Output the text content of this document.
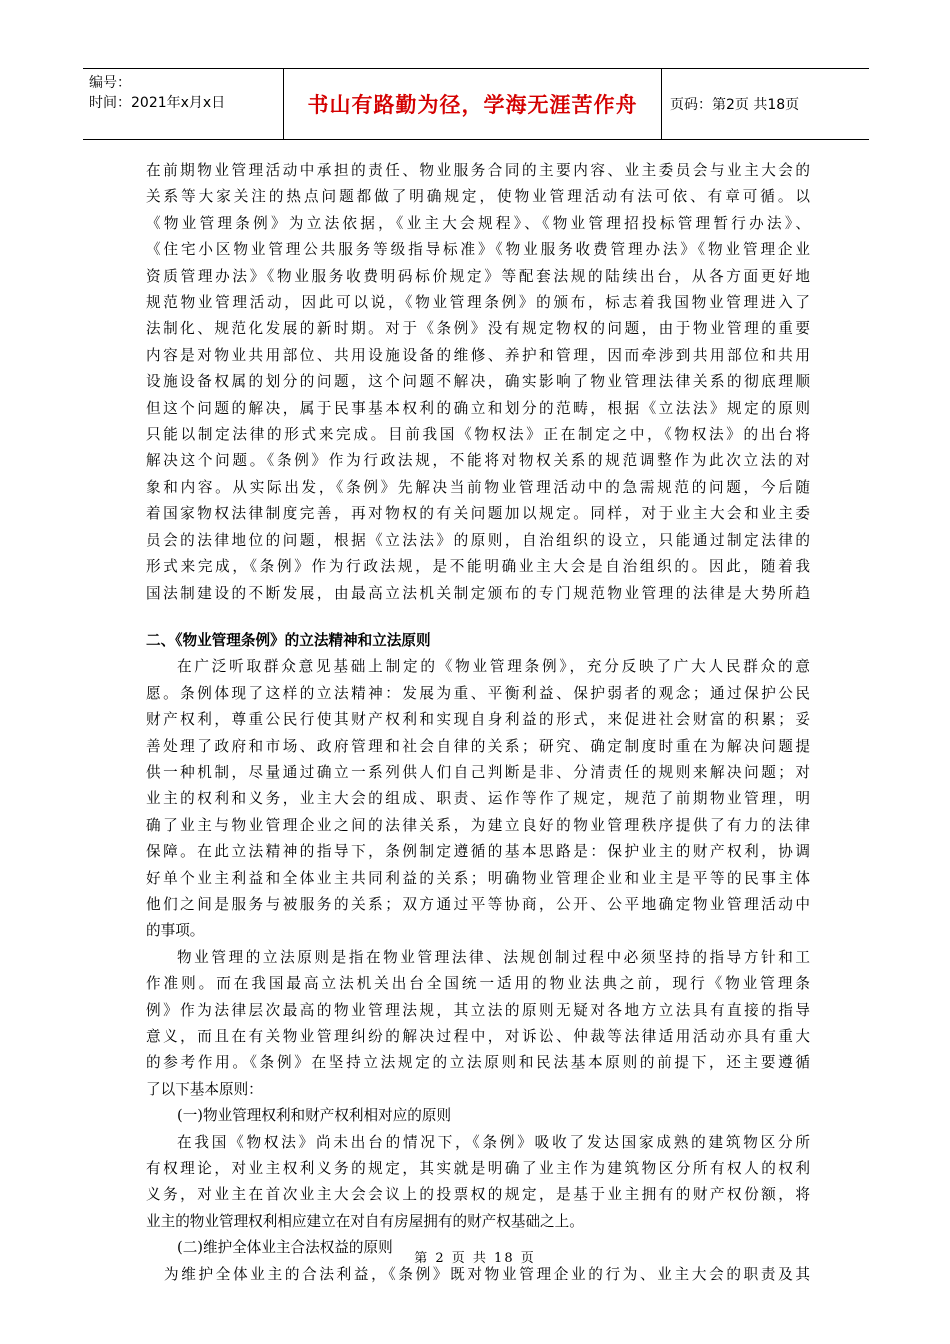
编号：
时间：2021年x月x日	书山有路勤为径，学海无涯苦作舟	页码：第2页 共18页

在前期物业管理活动中承担的责任、物业服务合同的主要内容、业主委员会与业主大会的

关系等大家关注的热点问题都做了明确规定，使物业管理活动有法可依、有章可循。以

《物业管理条例》为立法依据，《业主大会规程》、《物业管理招投标管理暂行办法》、

《住宅小区物业管理公共服务等级指导标准》《物业服务收费管理办法》《物业管理企业

资质管理办法》《物业服务收费明码标价规定》等配套法规的陆续出台，从各方面更好地

规范物业管理活动，因此可以说，《物业管理条例》的颁布，标志着我国物业管理进入了

法制化、规范化发展的新时期。对于《条例》没有规定物权的问题，由于物业管理的重要

内容是对物业共用部位、共用设施设备的维修、养护和管理，因而牵涉到共用部位和共用

设施设备权属的划分的问题，这个问题不解决，确实影响了物业管理法律关系的彻底理顺

但这个问题的解决，属于民事基本权利的确立和划分的范畴，根据《立法法》规定的原则

只能以制定法律的形式来完成。目前我国《物权法》正在制定之中，《物权法》的出台将

解决这个问题。《条例》作为行政法规，不能将对物权关系的规范调整作为此次立法的对

象和内容。从实际出发，《条例》先解决当前物业管理活动中的急需规范的问题，今后随

着国家物权法律制度完善，再对物权的有关问题加以规定。同样，对于业主大会和业主委

员会的法律地位的问题，根据《立法法》的原则，自治组织的设立，只能通过制定法律的

形式来完成，《条例》作为行政法规，是不能明确业主大会是自治组织的。因此，随着我

国法制建设的不断发展，由最高立法机关制定颁布的专门规范物业管理的法律是大势所趋

二、《物业管理条例》的立法精神和立法原则

在广泛听取群众意见基础上制定的《物业管理条例》，充分反映了广大人民群众的意

愿。条例体现了这样的立法精神：发展为重、平衡利益、保护弱者的观念；通过保护公民

财产权利，尊重公民行使其财产权利和实现自身利益的形式，来促进社会财富的积累；妥

善处理了政府和市场、政府管理和社会自律的关系；研究、确定制度时重在为解决问题提

供一种机制，尽量通过确立一系列供人们自己判断是非、分清责任的规则来解决问题；对

业主的权利和义务，业主大会的组成、职责、运作等作了规定，规范了前期物业管理，明

确了业主与物业管理企业之间的法律关系，为建立良好的物业管理秩序提供了有力的法律

保障。在此立法精神的指导下，条例制定遵循的基本思路是：保护业主的财产权利，协调

好单个业主利益和全体业主共同利益的关系；明确物业管理企业和业主是平等的民事主体

他们之间是服务与被服务的关系；双方通过平等协商，公开、公平地确定物业管理活动中

的事项。

物业管理的立法原则是指在物业管理法律、法规创制过程中必须坚持的指导方针和工

作准则。而在我国最高立法机关出台全国统一适用的物业法典之前，现行《物业管理条

例》作为法律层次最高的物业管理法规，其立法的原则无疑对各地方立法具有直接的指导

意义，而且在有关物业管理纠纷的解决过程中，对诉讼、仲裁等法律适用活动亦具有重大

的参考作用。《条例》在坚持立法规定的立法原则和民法基本原则的前提下，还主要遵循

了以下基本原则：

(一)物业管理权利和财产权利相对应的原则

在我国《物权法》尚未出台的情况下，《条例》吸收了发达国家成熟的建筑物区分所

有权理论，对业主权利义务的规定，其实就是明确了业主作为建筑物区分所有权人的权利

义务，对业主在首次业主大会会议上的投票权的规定，是基于业主拥有的财产权份额，将

业主的物业管理权利相应建立在对自有房屋拥有的财产权基础之上。

(二)维护全体业主合法权益的原则

为维护全体业主的合法利益，《条例》既对物业管理企业的行为、业主大会的职责及其

第 2 页 共 18 页
